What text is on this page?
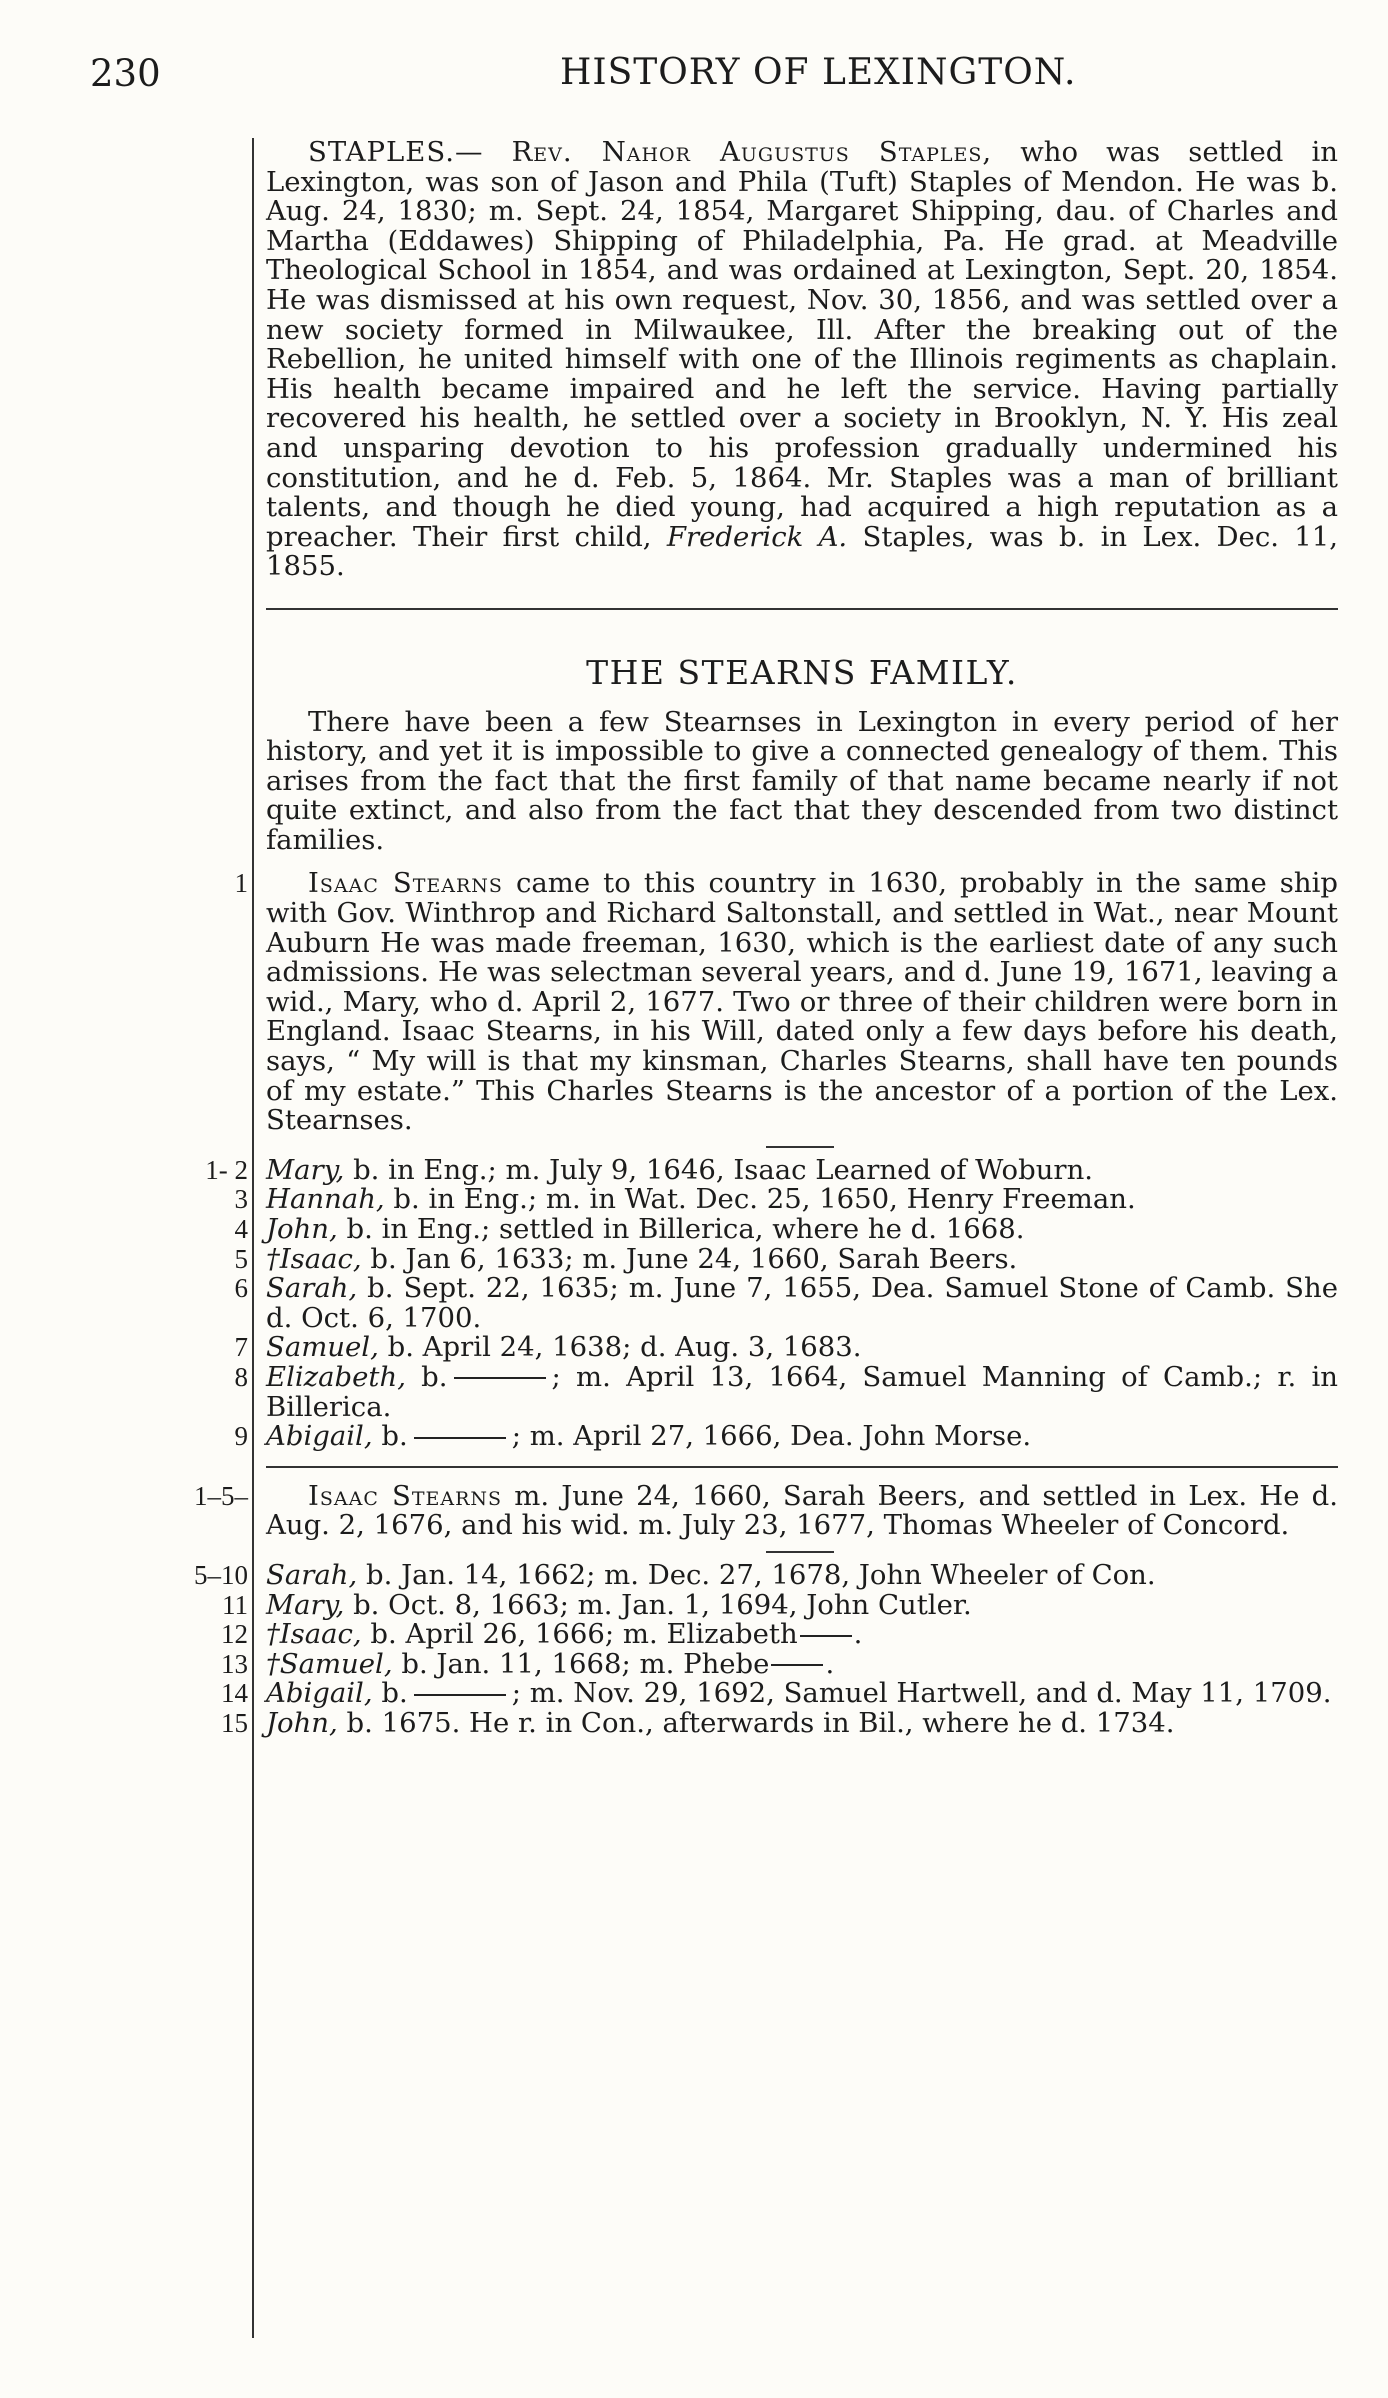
230	HISTORY OF LEXINGTON.
STAPLES.— Rev. Nahor Augustus Staples, who was settled in Lexington, was son of Jason and Phila (Tuft) Staples of Mendon. He was b. Aug. 24, 1830; m. Sept. 24, 1854, Margaret Shipping, dau. of Charles and Martha (Eddawes) Shipping of Philadelphia, Pa. He grad. at Meadville Theological School in 1854, and was ordained at Lexington, Sept. 20, 1854. He was dismissed at his own request, Nov. 30, 1856, and was settled over a new society formed in Milwaukee, Ill. After the breaking out of the Rebellion, he united himself with one of the Illinois regiments as chaplain. His health became impaired and he left the service. Having partially recovered his health, he settled over a society in Brooklyn, N. Y. His zeal and unsparing devotion to his profession gradually undermined his constitution, and he d. Feb. 5, 1864. Mr. Staples was a man of brilliant talents, and though he died young, had acquired a high reputation as a preacher. Their first child, Frederick A. Staples, was b. in Lex. Dec. 11, 1855.
THE STEARNS FAMILY.
There have been a few Stearnses in Lexington in every period of her history, and yet it is impossible to give a connected genealogy of them. This arises from the fact that the first family of that name became nearly if not quite extinct, and also from the fact that they descended from two distinct families.
1	Isaac Stearns came to this country in 1630, probably in the same ship with Gov. Winthrop and Richard Saltonstall, and settled in Wat., near Mount Auburn He was made freeman, 1630, which is the earliest date of any such admissions. He was selectman several years, and d. June 19, 1671, leaving a wid., Mary, who d. April 2, 1677. Two or three of their children were born in England. Isaac Stearns, in his Will, dated only a few days before his death, says, “ My will is that my kinsman, Charles Stearns, shall have ten pounds of my estate.” This Charles Stearns is the ancestor of a portion of the Lex. Stearnses.
1- 2 Mary, b. in Eng.; m. July 9, 1646, Isaac Learned of Woburn.
3 Hannah, b. in Eng.; m. in Wat. Dec. 25, 1650, Henry Freeman.
4 John, b. in Eng.; settled in Billerica, where he d. 1668.
5 †Isaac, b. Jan 6, 1633; m. June 24, 1660, Sarah Beers.
6 Sarah, b. Sept. 22, 1635; m. June 7, 1655, Dea. Samuel Stone of Camb. She d. Oct. 6, 1700.
7 Samuel, b. April 24, 1638; d. Aug. 3, 1683.
8 Elizabeth, b.	; m. April 13, 1664, Samuel Manning of Camb.; r. in Billerica.
9 Abigail, b.	; m. April 27, 1666, Dea. John Morse.
1–5–	Isaac Stearns m. June 24, 1660, Sarah Beers, and settled in Lex. He d. Aug. 2, 1676, and his wid. m. July 23, 1677, Thomas Wheeler of Concord.
5–10 Sarah, b. Jan. 14, 1662; m. Dec. 27, 1678, John Wheeler of Con.
11 Mary, b. Oct. 8, 1663; m. Jan. 1, 1694, John Cutler.
12 †Isaac, b. April 26, 1666; m. Elizabeth .
13 †Samuel, b. Jan. 11, 1668; m. Phebe .
14 Abigail, b.	; m. Nov. 29, 1692, Samuel Hartwell, and d. May 11, 1709.
15 John, b. 1675. He r. in Con., afterwards in Bil., where he d. 1734.
